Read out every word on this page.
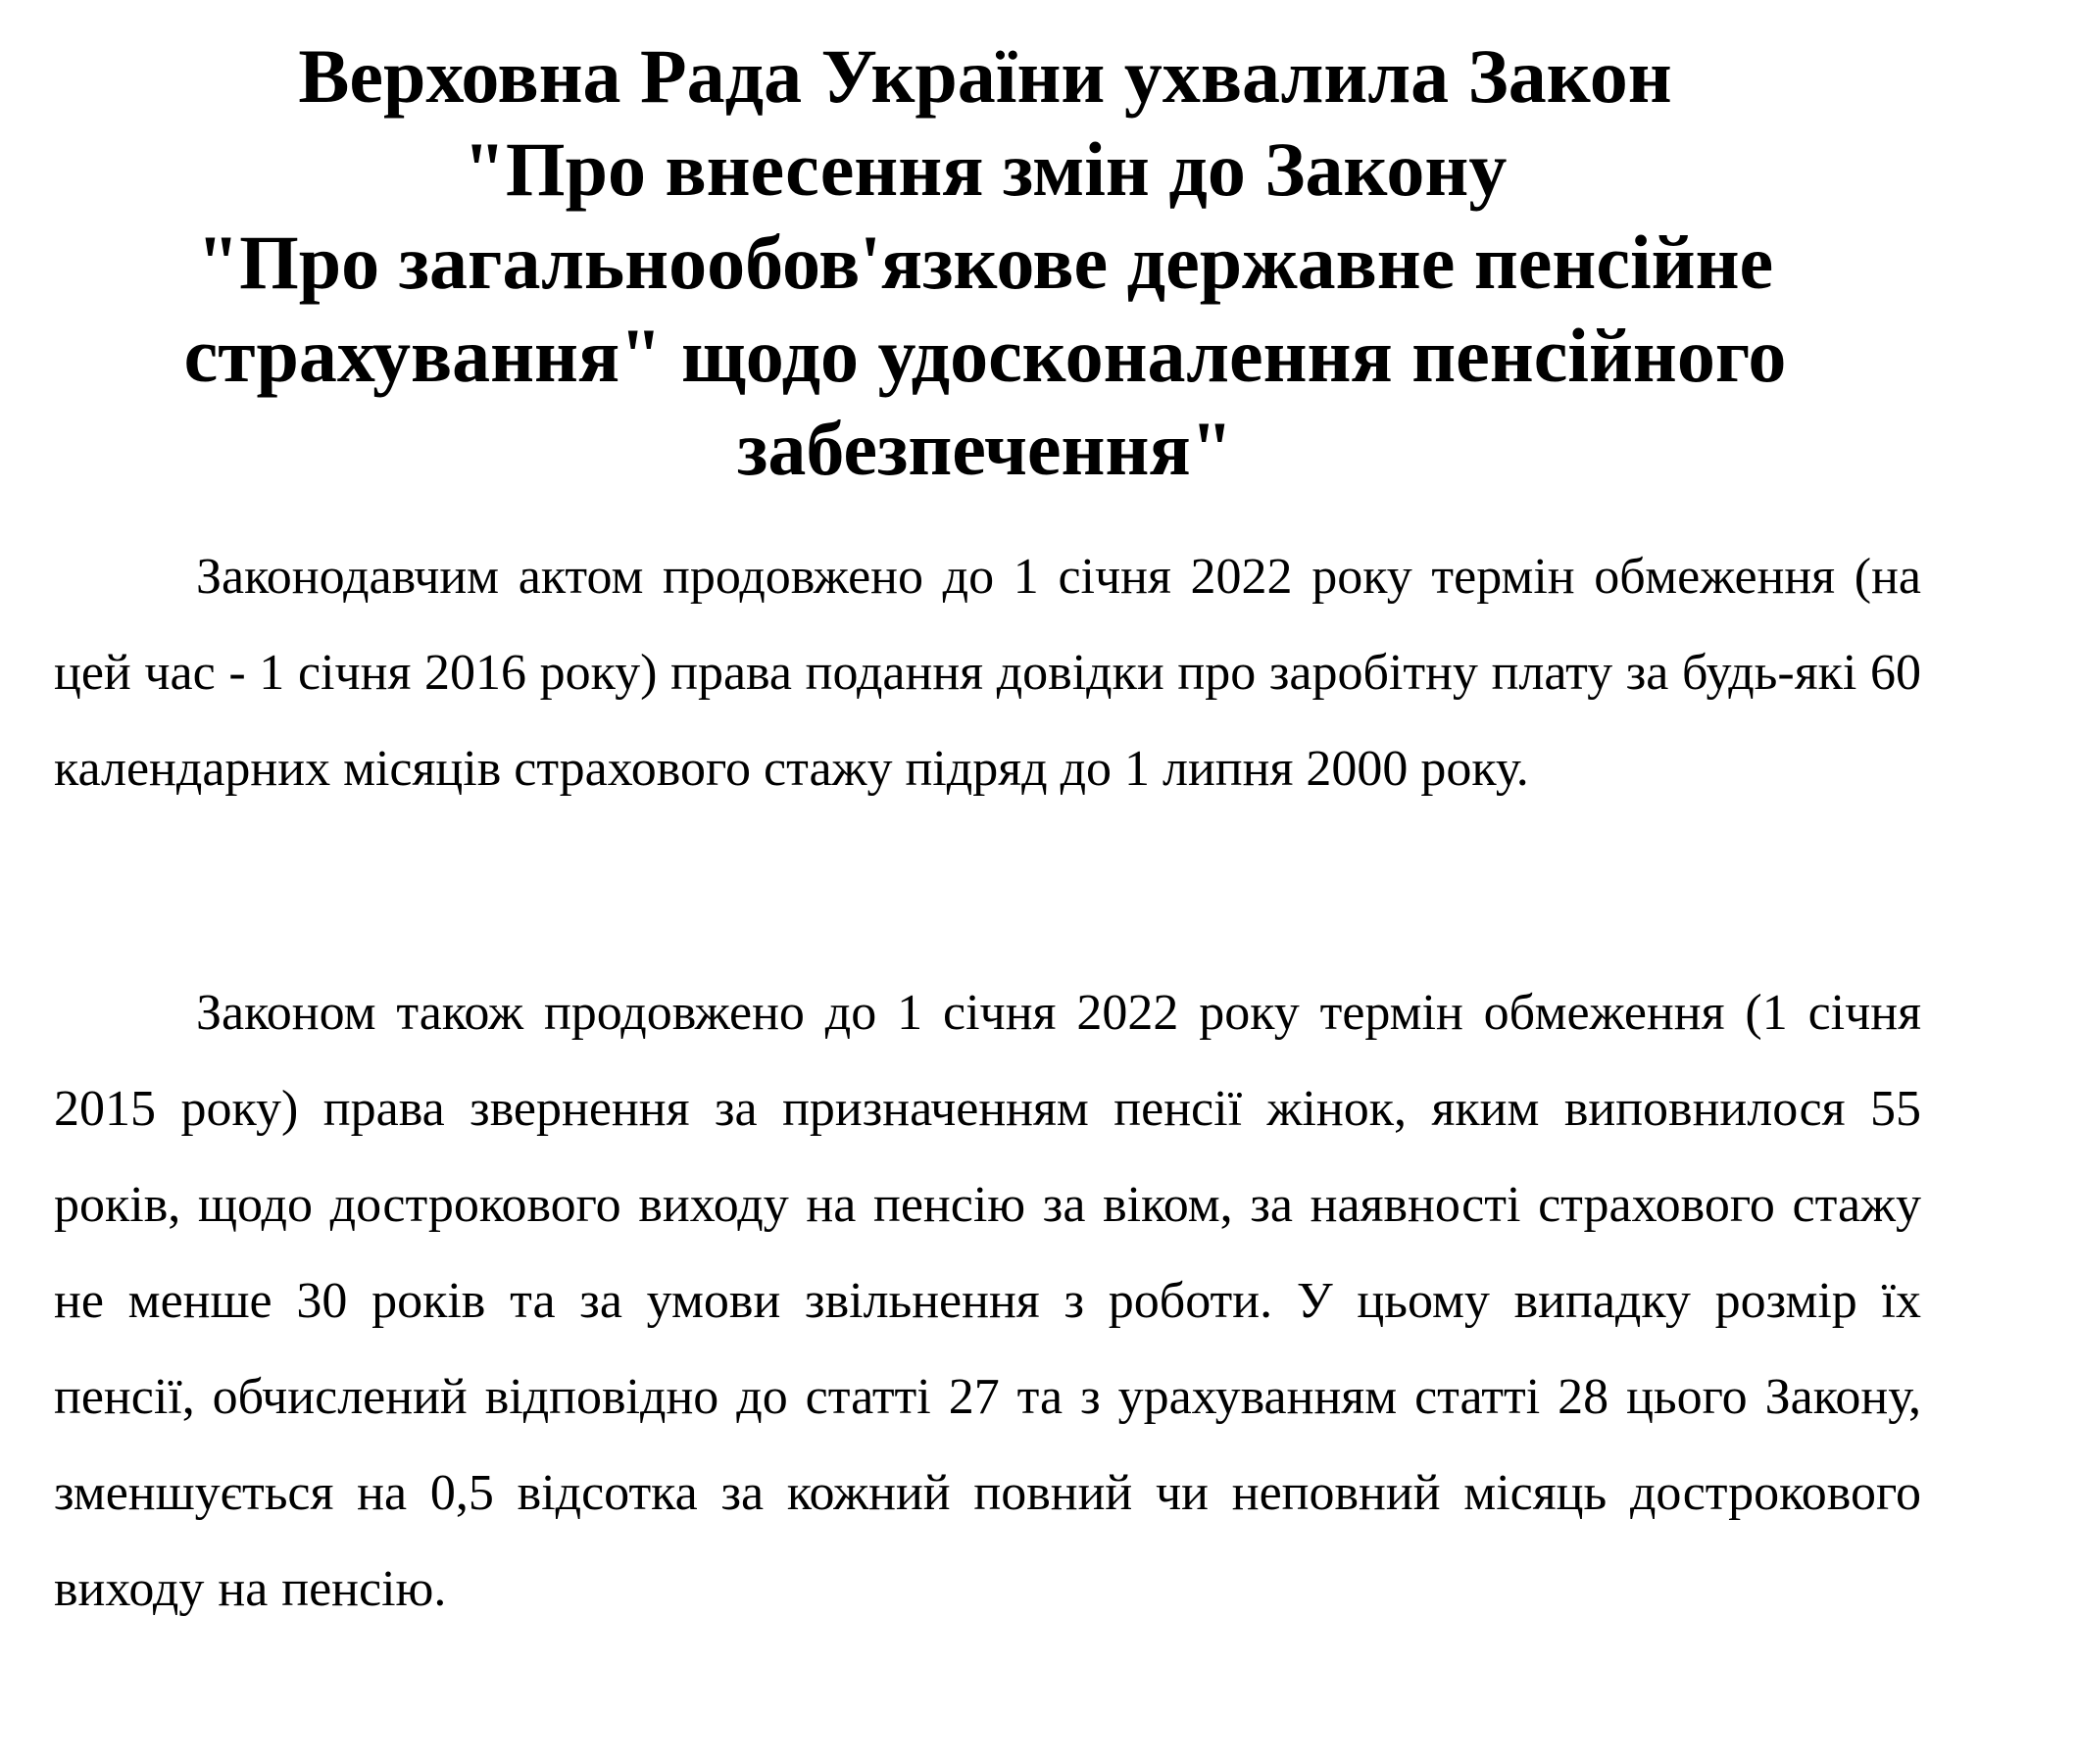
Верховна Рада України ухвалила Закон
"Про внесення змін до Закону
"Про загальнообов'язкове державне пенсійне
страхування" щодо удосконалення пенсійного
забезпечення"

Законодавчим актом продовжено до 1 січня 2022 року термін обмеження (на цей час - 1 січня 2016 року) права подання довідки про заробітну плату за будь-які 60 календарних місяців страхового стажу підряд до 1 липня 2000 року.

Законом також продовжено до 1 січня 2022 року термін обмеження (1 січня 2015 року) права звернення за призначенням пенсії жінок, яким виповнилося 55 років, щодо дострокового виходу на пенсію за віком, за наявності страхового стажу не менше 30 років та за умови звільнення з роботи. У цьому випадку розмір їх пенсії, обчислений відповідно до статті 27 та з урахуванням статті 28 цього Закону, зменшується на 0,5 відсотка за кожний повний чи неповний місяць дострокового виходу на пенсію.
